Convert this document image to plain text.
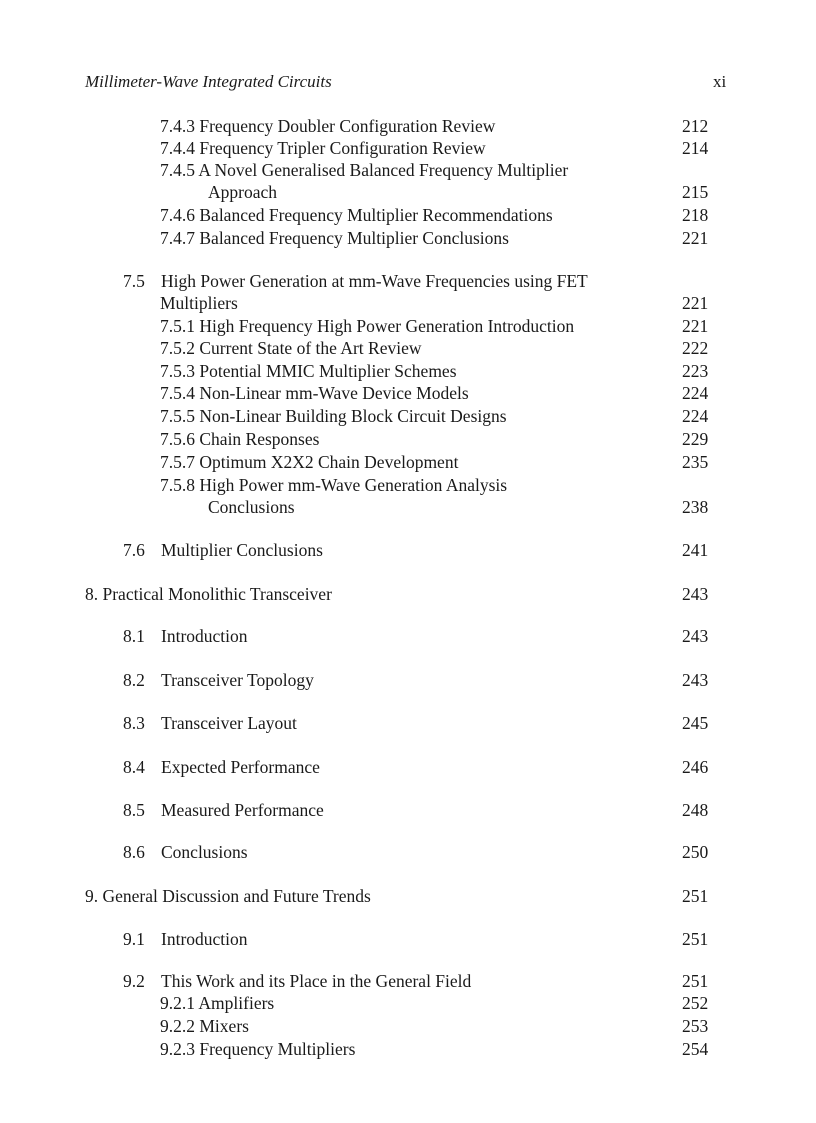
Millimeter-Wave Integrated Circuits	xi
7.4.3 Frequency Doubler Configuration Review	212
7.4.4 Frequency Tripler Configuration Review	214
7.4.5 A Novel Generalised Balanced Frequency Multiplier
Approach	215
7.4.6 Balanced Frequency Multiplier Recommendations	218
7.4.7 Balanced Frequency Multiplier Conclusions	221
7.5 High Power Generation at mm-Wave Frequencies using FET
Multipliers	221
7.5.1 High Frequency High Power Generation Introduction	221
7.5.2 Current State of the Art Review	222
7.5.3 Potential MMIC Multiplier Schemes	223
7.5.4 Non-Linear mm-Wave Device Models	224
7.5.5 Non-Linear Building Block Circuit Designs	224
7.5.6 Chain Responses	229
7.5.7 Optimum X2X2 Chain Development	235
7.5.8 High Power mm-Wave Generation Analysis
Conclusions	238
7.6 Multiplier Conclusions	241
8. Practical Monolithic Transceiver	243
8.1 Introduction	243
8.2 Transceiver Topology	243
8.3 Transceiver Layout	245
8.4 Expected Performance	246
8.5 Measured Performance	248
8.6 Conclusions	250
9. General Discussion and Future Trends	251
9.1 Introduction	251
9.2 This Work and its Place in the General Field	251
9.2.1 Amplifiers	252
9.2.2 Mixers	253
9.2.3 Frequency Multipliers	254
